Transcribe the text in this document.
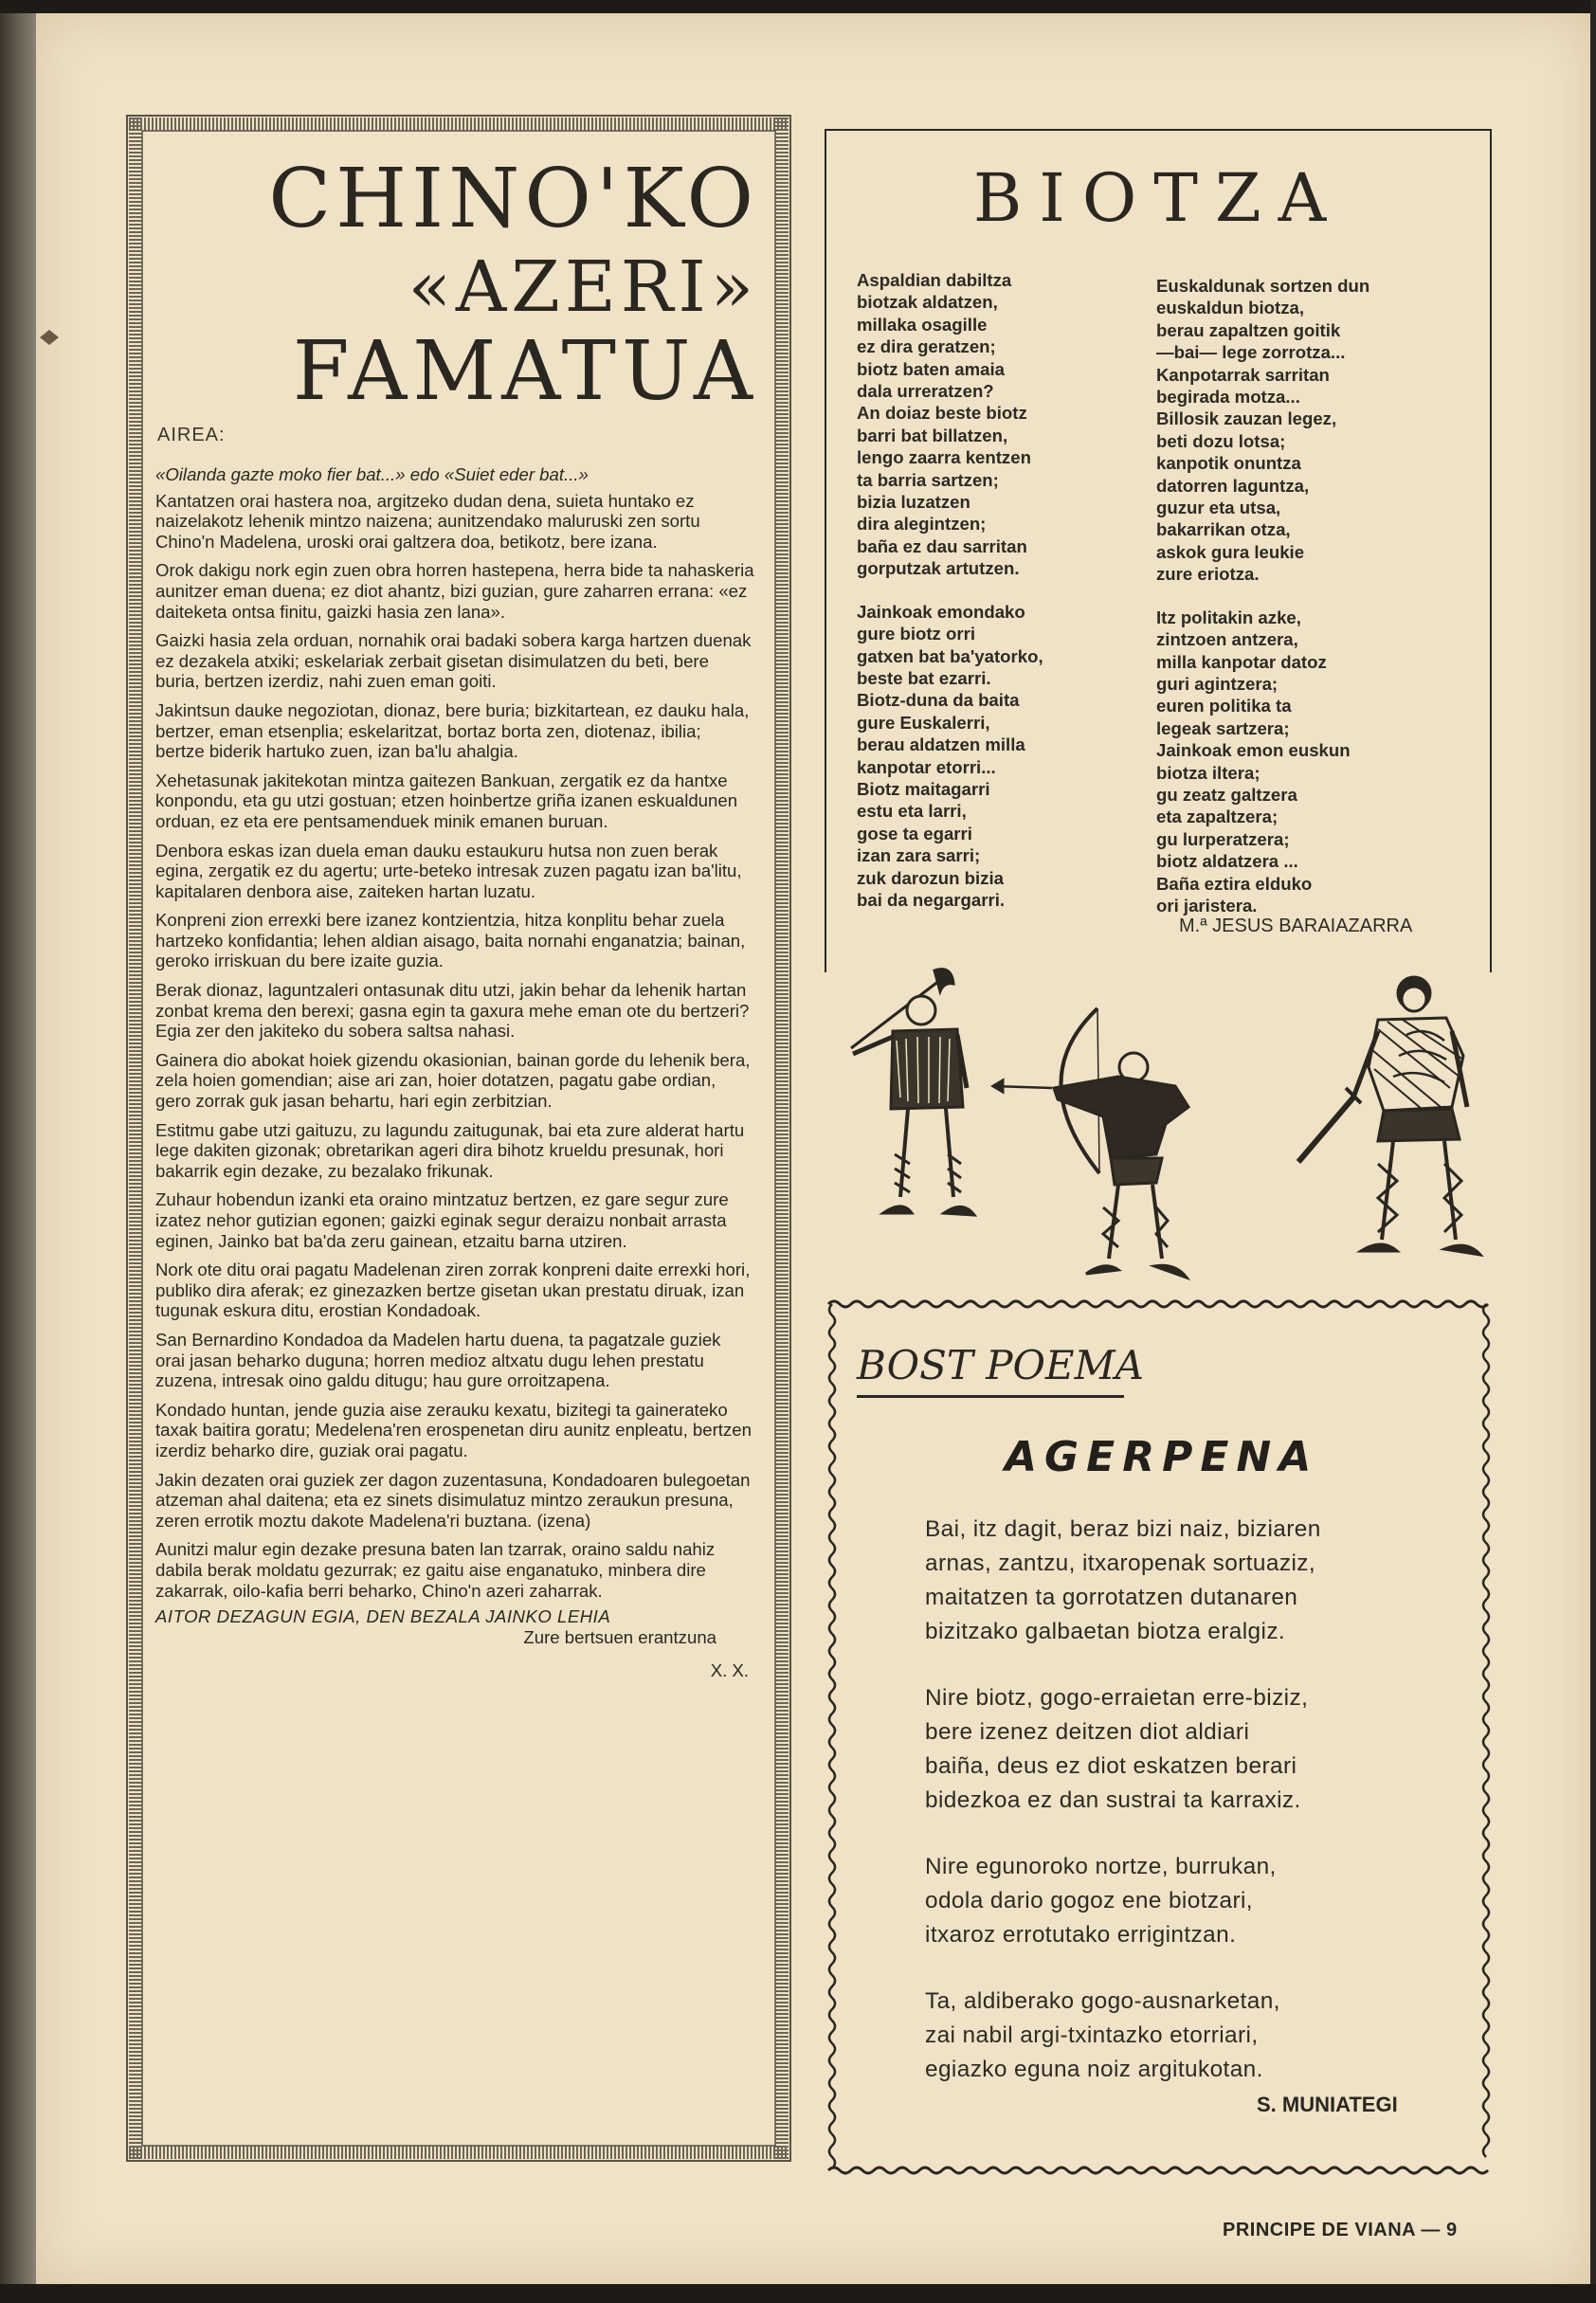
CHINO'KO
«AZERI»
FAMATUA
AIREA:

«Oilanda gazte moko fier bat...» edo «Suiet eder bat...»

Kantatzen orai hastera noa, argitzeko dudan dena, suieta huntako ez naizelakotz lehenik mintzo naizena; aunitzendako maluruski zen sortu Chino'n Madelena, uroski orai galtzera doa, betikotz, bere izana.

Orok dakigu nork egin zuen obra horren hastepena, herra bide ta nahaskeria aunitzer eman duena; ez diot ahantz, bizi guzian, gure zaharren errana: «ez daiteketa ontsa finitu, gaizki hasia zen lana».

Gaizki hasia zela orduan, nornahik orai badaki sobera karga hartzen duenak ez dezakela atxiki; eskelariak zerbait gisetan disimulatzen du beti, bere buria, bertzen izerdiz, nahi zuen eman goiti.

Jakintsun dauke negoziotan, dionaz, bere buria; bizkitartean, ez dauku hala, bertzer, eman etsenplia; eskelaritzat, bortaz borta zen, diotenaz, ibilia; bertze biderik hartuko zuen, izan ba'lu ahalgia.

Xehetasunak jakitekotan mintza gaitezen Bankuan, zergatik ez da hantxe konpondu, eta gu utzi gostuan; etzen hoinbertze griña izanen eskualdunen orduan, ez eta ere pentsamenduek minik emanen buruan.

Denbora eskas izan duela eman dauku estaukuru hutsa non zuen berak egina, zergatik ez du agertu; urte-beteko intresak zuzen pagatu izan ba'litu, kapitalaren denbora aise, zaiteken hartan luzatu.

Konpreni zion errexki bere izanez kontzientzia, hitza konplitu behar zuela hartzeko konfidantia; lehen aldian aisago, baita nornahi enganatzia; bainan, geroko irriskuan du bere izaite guzia.

Berak dionaz, laguntzaleri ontasunak ditu utzi, jakin behar da lehenik hartan zonbat krema den berexi; gasna egin ta gaxura mehe eman ote du bertzeri? Egia zer den jakiteko du sobera saltsa nahasi.

Gainera dio abokat hoiek gizendu okasionian, bainan gorde du lehenik bera, zela hoien gomendian; aise ari zan, hoier dotatzen, pagatu gabe ordian, gero zorrak guk jasan behartu, hari egin zerbitzian.

Estitmu gabe utzi gaituzu, zu lagundu zaitugunak, bai eta zure alderat hartu lege dakiten gizonak; obretarikan ageri dira bihotz krueldu presunak, hori bakarrik egin dezake, zu bezalako frikunak.

Zuhaur hobendun izanki eta oraino mintzatuz bertzen, ez gare segur zure izatez nehor gutizian egonen; gaizki eginak segur deraizu nonbait arrasta eginen, Jainko bat ba'da zeru gainean, etzaitu barna utziren.

Nork ote ditu orai pagatu Madelenan ziren zorrak konpreni daite errexki hori, publiko dira aferak; ez ginezazken bertze gisetan ukan prestatu diruak, izan tugunak eskura ditu, erostian Kondadoak.

San Bernardino Kondadoa da Madelen hartu duena, ta pagatzale guziek orai jasan beharko duguna; horren medioz altxatu dugu lehen prestatu zuzena, intresak oino galdu ditugu; hau gure orroitzapena.

Kondado huntan, jende guzia aise zerauku kexatu, bizitegi ta gainerateko taxak baitira goratu; Medelena'ren erospenetan diru aunitz enpleatu, bertzen izerdiz beharko dire, guziak orai pagatu.

Jakin dezaten orai guziek zer dagon zuzentasuna, Kondadoaren bulegoetan atzeman ahal daitena; eta ez sinets disimulatuz mintzo zeraukun presuna, zeren errotik moztu dakote Madelena'ri buztana. (izena)

Aunitzi malur egin dezake presuna baten lan tzarrak, oraino saldu nahiz dabila berak moldatu gezurrak; ez gaitu aise enganatuko, minbera dire zakarrak, oilo-kafia berri beharko, Chino'n azeri zaharrak.

AITOR DEZAGUN EGIA, DEN BEZALA JAINKO LEHIA
Zure bertsuen erantzuna
X. X.
BIOTZA

Aspaldian dabiltza
biotzak aldatzen,
millaka osagille
ez dira geratzen;
biotz baten amaia
dala urreratzen?
An doiaz beste biotz
barri bat billatzen,
lengo zaarra kentzen
ta barria sartzen;
bizia luzatzen
dira alegintzen;
baña ez dau sarritan
gorputzak artutzen.

Jainkoak emondako
gure biotz orri
gatxen bat ba'yatorko,
beste bat ezarri.
Biotz-duna da baita
gure Euskalerri,
berau aldatzen milla
kanpotar etorri...
Biotz maitagarri
estu eta larri,
gose ta egarri
izan zara sarri;
zuk darozun bizia
bai da negargarri.

Euskaldunak sortzen dun
euskaldun biotza,
berau zapaltzen goitik
—bai— lege zorrotza...
Kanpotarrak sarritan
begirada motza...
Billosik zauzan legez,
beti dozu lotsa;
kanpotik onuntza
datorren laguntza,
guzur eta utsa,
bakarrikan otza,
askok gura leukie
zure eriotza.

Itz politakin azke,
zintzoen antzera,
milla kanpotar datoz
guri agintzera;
euren politika ta
legeak sartzera;
Jainkoak emon euskun
biotza iltera;
gu zeatz galtzera
eta zapaltzera;
gu lurperatzera;
biotz aldatzera ...
Baña eztira elduko
ori jaristera.

M.ª JESUS BARAIAZARRA
BOST POEMA
AGERPENA

Bai, itz dagit, beraz bizi naiz, biziaren
arnas, zantzu, itxaropenak sortuaziz,
maitatzen ta gorrotatzen dutanaren
bizitzako galbaetan biotza eralgiz.

Nire biotz, gogo-erraietan erre-biziz,
bere izenez deitzen diot aldiari
baiña, deus ez diot eskatzen berari
bidezkoa ez dan sustrai ta karraxiz.

Nire egunoroko nortze, burrukan,
odola dario gogoz ene biotzari,
itxaroz errotutako errigintzan.

Ta, aldiberako gogo-ausnarketan,
zai nabil argi-txintazko etorriari,
egiazko eguna noiz argitukotan.

S. MUNIATEGI
PRINCIPE DE VIANA — 9
